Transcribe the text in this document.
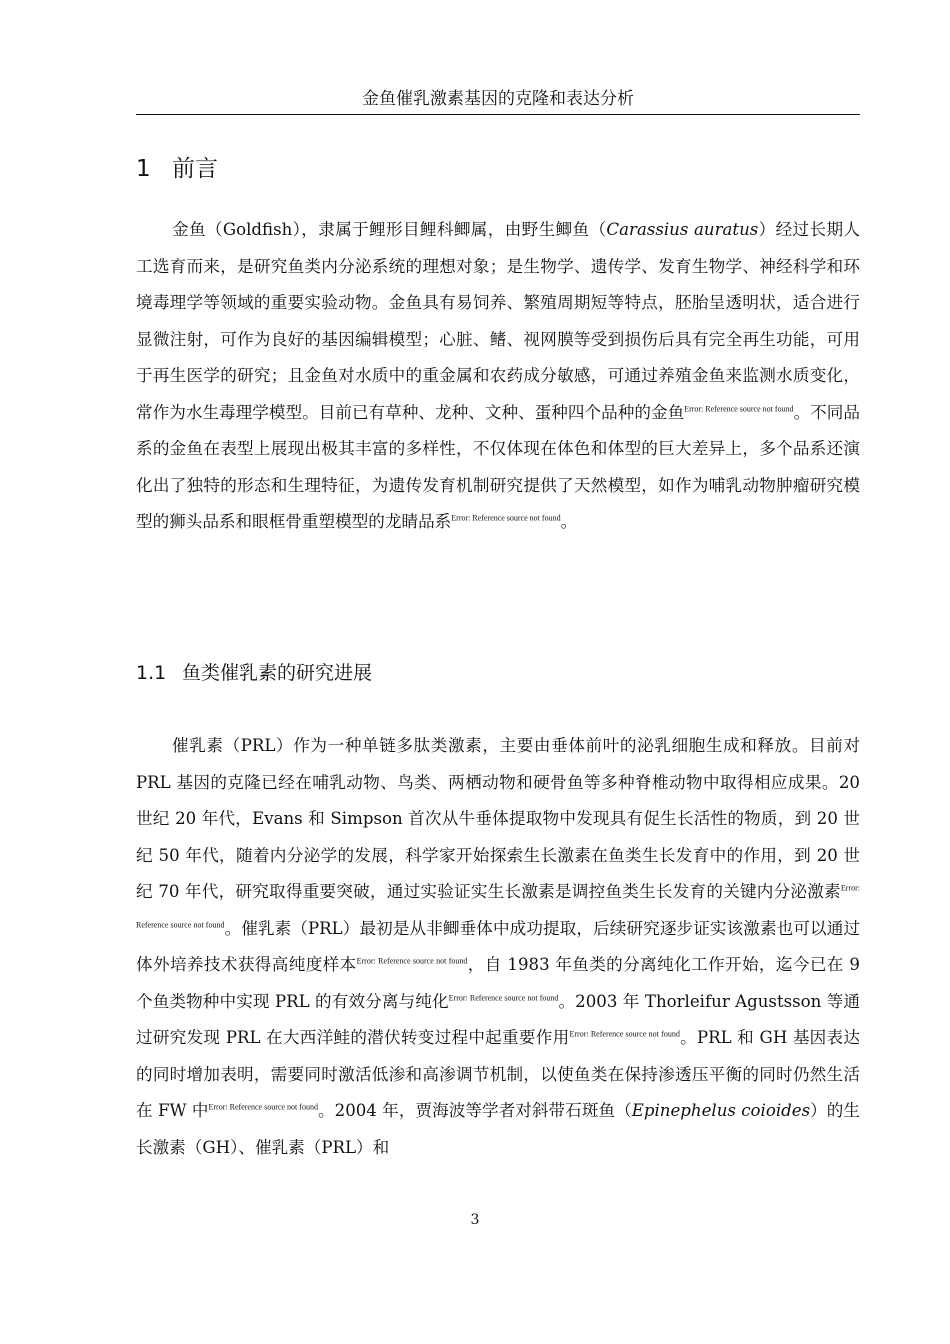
金鱼催乳激素基因的克隆和表达分析
1 前言
金鱼（Goldfish），隶属于鲤形目鲤科鲫属，由野生鲫鱼（Carassius auratus）经过长期人工选育而来，是研究鱼类内分泌系统的理想对象；是生物学、遗传学、发育生物学、神经科学和环境毒理学等领域的重要实验动物。金鱼具有易饲养、繁殖周期短等特点，胚胎呈透明状，适合进行显微注射，可作为良好的基因编辑模型；心脏、鳍、视网膜等受到损伤后具有完全再生功能，可用于再生医学的研究；且金鱼对水质中的重金属和农药成分敏感，可通过养殖金鱼来监测水质变化，常作为水生毒理学模型。目前已有草种、龙种、文种、蛋种四个品种的金鱼$^{Error: Reference source not found}$。不同品系的金鱼在表型上展现出极其丰富的多样性，不仅体现在体色和体型的巨大差异上，多个品系还演化出了独特的形态和生理特征，为遗传发育机制研究提供了天然模型，如作为哺乳动物肿瘤研究模型的狮头品系和眼框骨重塑模型的龙睛品系$^{Error: Reference source not found}$。
1.1 鱼类催乳素的研究进展
催乳素（PRL）作为一种单链多肽类激素，主要由垂体前叶的泌乳细胞生成和释放。目前对 PRL 基因的克隆已经在哺乳动物、鸟类、两栖动物和硬骨鱼等多种脊椎动物中取得相应成果。20 世纪 20 年代，Evans 和 Simpson 首次从牛垂体提取物中发现具有促生长活性的物质，到 20 世纪 50 年代，随着内分泌学的发展，科学家开始探索生长激素在鱼类生长发育中的作用，到 20 世纪 70 年代，研究取得重要突破，通过实验证实生长激素是调控鱼类生长发育的关键内分泌激素$^{Error: Reference source not found}$。催乳素（PRL）最初是从非鲫垂体中成功提取，后续研究逐步证实该激素也可以通过体外培养技术获得高纯度样本$^{Error: Reference source not found}$，自 1983 年鱼类的分离纯化工作开始，迄今已在 9 个鱼类物种中实现 PRL 的有效分离与纯化$^{Error: Reference source not found}$。2003 年 Thorleifur Agustsson 等通过研究发现 PRL 在大西洋鲑的潜伏转变过程中起重要作用$^{Error: Reference source not found}$。PRL 和 GH 基因表达的同时增加表明，需要同时激活低渗和高渗调节机制，以使鱼类在保持渗透压平衡的同时仍然生活在 FW 中$^{Error: Reference source not found}$。2004 年，贾海波等学者对斜带石斑鱼（Epinephelus coioides）的生长激素（GH）、催乳素（PRL）和
3
